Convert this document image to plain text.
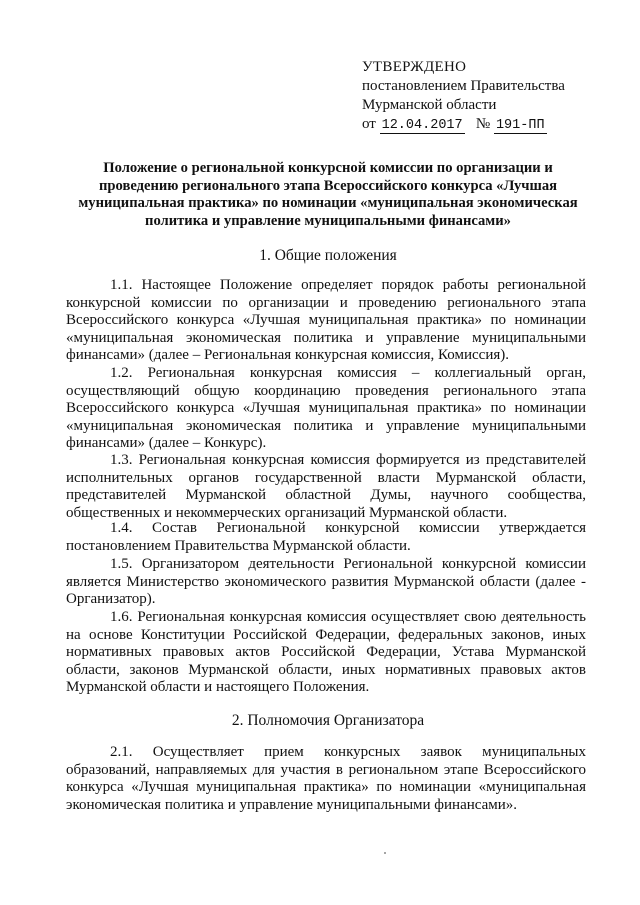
УТВЕРЖДЕНО
постановлением Правительства
Мурманской области
от 12.04.2017 № 191-ПП
Положение о региональной конкурсной комиссии по организации и проведению регионального этапа Всероссийского конкурса «Лучшая муниципальная практика» по номинации «муниципальная экономическая политика и управление муниципальными финансами»
1. Общие положения
1.1. Настоящее Положение определяет порядок работы региональной конкурсной комиссии по организации и проведению регионального этапа Всероссийского конкурса «Лучшая муниципальная практика» по номинации «муниципальная экономическая политика и управление муниципальными финансами» (далее – Региональная конкурсная комиссия, Комиссия).
1.2. Региональная конкурсная комиссия – коллегиальный орган, осуществляющий общую координацию проведения регионального этапа Всероссийского конкурса «Лучшая муниципальная практика» по номинации «муниципальная экономическая политика и управление муниципальными финансами» (далее – Конкурс).
1.3. Региональная конкурсная комиссия формируется из представителей исполнительных органов государственной власти Мурманской области, представителей Мурманской областной Думы, научного сообщества, общественных и некоммерческих организаций Мурманской области.
1.4. Состав Региональной конкурсной комиссии утверждается постановлением Правительства Мурманской области.
1.5. Организатором деятельности Региональной конкурсной комиссии является Министерство экономического развития Мурманской области (далее - Организатор).
1.6. Региональная конкурсная комиссия осуществляет свою деятельность на основе Конституции Российской Федерации, федеральных законов, иных нормативных правовых актов Российской Федерации, Устава Мурманской области, законов Мурманской области, иных нормативных правовых актов Мурманской области и настоящего Положения.
2. Полномочия Организатора
2.1. Осуществляет прием конкурсных заявок муниципальных образований, направляемых для участия в региональном этапе Всероссийского конкурса «Лучшая муниципальная практика» по номинации «муниципальная экономическая политика и управление муниципальными финансами».
